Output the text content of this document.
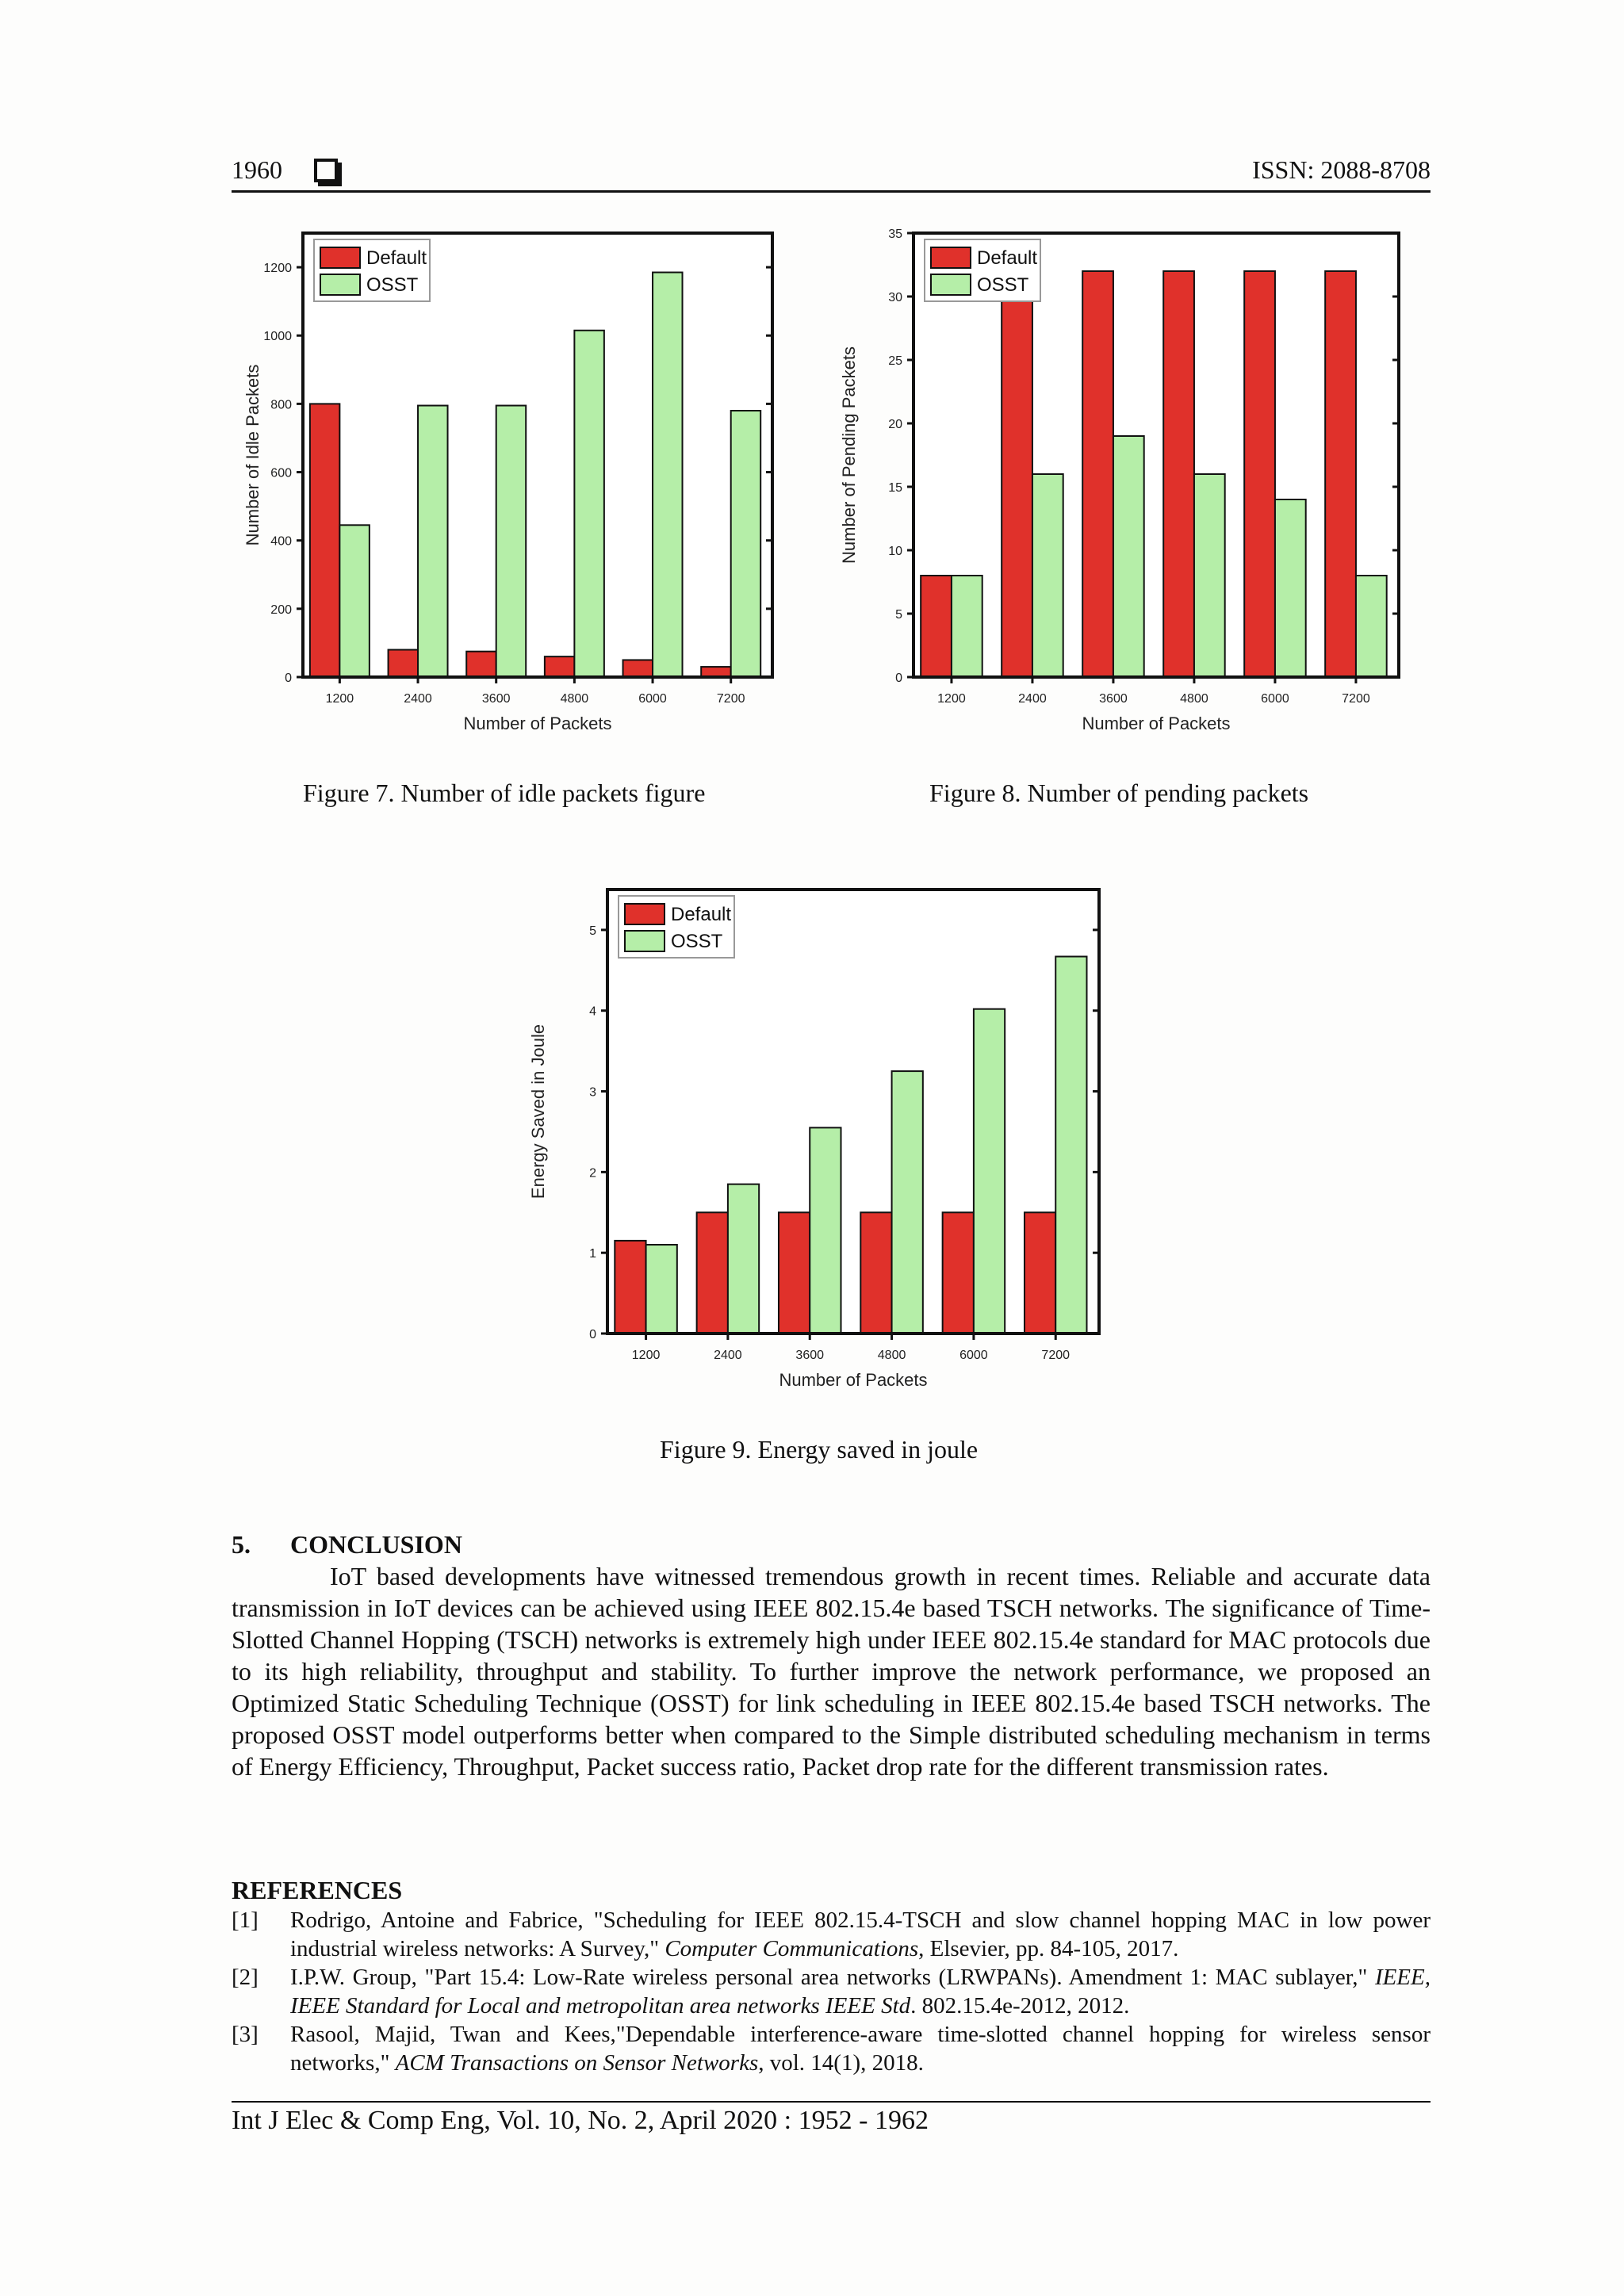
1960	ISSN: 2088-8708
0
200
400
600
800
1000
1200
1200	2400	3600	4800	6000	7200
Number of Packets
Number of Idle Packets
Default
OSST
Figure 7. Number of idle packets figure
0
5
10
15
20
25
30
35
1200	2400	3600	4800	6000	7200
Number of Packets
Number of Pending Packets
Default
OSST
Figure 8. Number of pending packets
0
1
2
3
4
5
1200	2400	3600	4800	6000	7200
Number of Packets
Energy Saved in Joule
Default
OSST
Figure 9. Energy saved in joule
5. CONCLUSION

IoT based developments have witnessed tremendous growth in recent times. Reliable and accurate data transmission in IoT devices can be achieved using IEEE 802.15.4e based TSCH networks. The significance of Time- Slotted Channel Hopping (TSCH) networks is extremely high under IEEE 802.15.4e standard for MAC protocols due to its high reliability, throughput and stability. To further improve the network performance, we proposed an Optimized Static Scheduling Technique (OSST) for link scheduling in IEEE 802.15.4e based TSCH networks. The proposed OSST model outperforms better when compared to the Simple distributed scheduling mechanism in terms of Energy Efficiency, Throughput, Packet success ratio, Packet drop rate for the different transmission rates.

REFERENCES
[1]	Rodrigo, Antoine and Fabrice, "Scheduling for IEEE 802.15.4-TSCH and slow channel hopping MAC in low power industrial wireless networks: A Survey," Computer Communications, Elsevier, pp. 84-105, 2017.
[2]	I.P.W. Group, "Part 15.4: Low-Rate wireless personal area networks (LRWPANs). Amendment 1: MAC sublayer," IEEE, IEEE Standard for Local and metropolitan area networks IEEE Std. 802.15.4e-2012, 2012.
[3]	Rasool, Majid, Twan and Kees,"Dependable interference-aware time-slotted channel hopping for wireless sensor networks," ACM Transactions on Sensor Networks, vol. 14(1), 2018.
Int J Elec & Comp Eng, Vol. 10, No. 2, April 2020 : 1952 - 1962
